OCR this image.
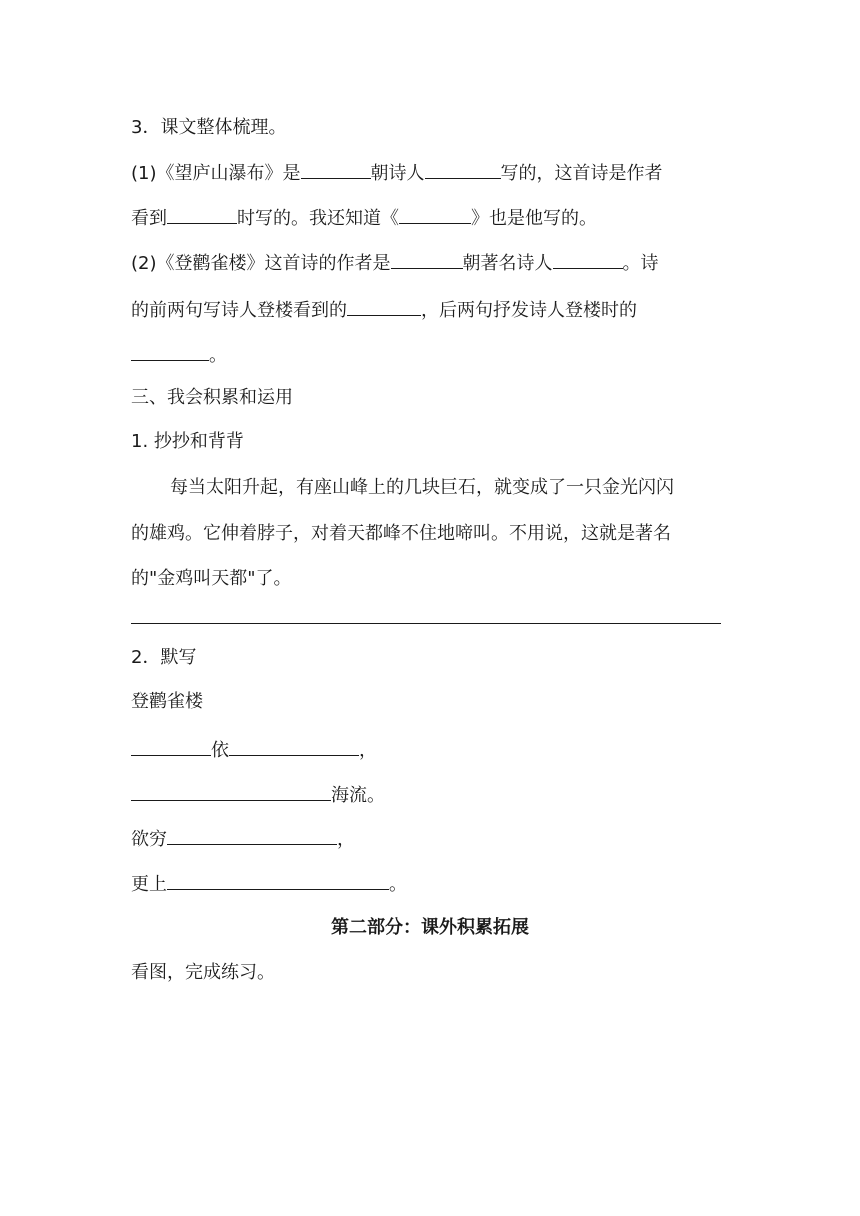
3．课文整体梳理。
(1)《望庐山瀑布》是	朝诗人	写的，这首诗是作者
看到	时写的。我还知道《	》也是他写的。
(2)《登鹳雀楼》这首诗的作者是	朝著名诗人	。诗
的前两句写诗人登楼看到的	，后两句抒发诗人登楼时的
。
三、我会积累和运用
1. 抄抄和背背
每当太阳升起，有座山峰上的几块巨石，就变成了一只金光闪闪
的雄鸡。它伸着脖子，对着天都峰不住地啼叫。不用说，这就是著名
的"金鸡叫天都"了。
2．默写
登鹳雀楼
依	，
海流。
欲穷	，
更上	。
第二部分：课外积累拓展
看图，完成练习。
